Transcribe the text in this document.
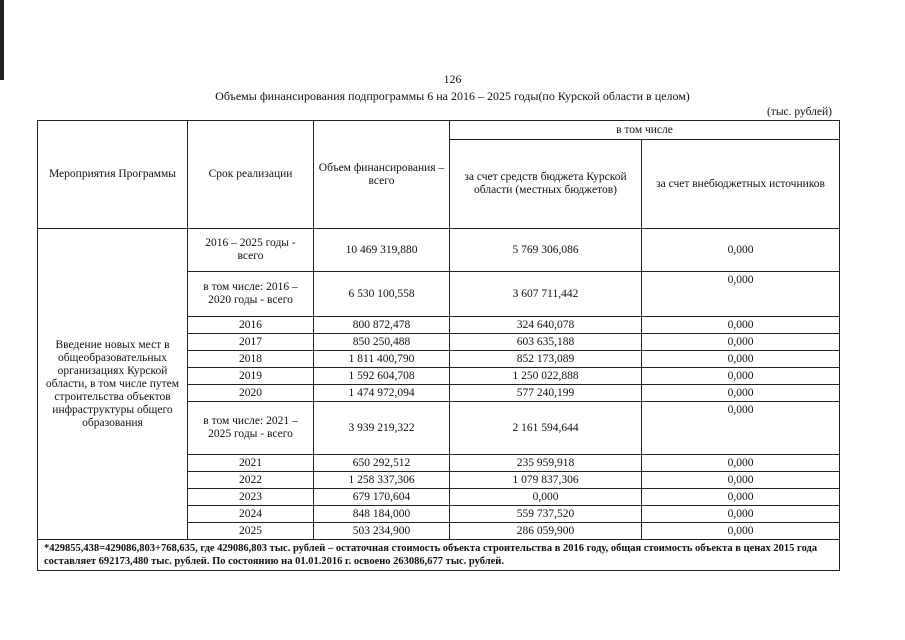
126
Объемы финансирования подпрограммы 6 на 2016 – 2025 годы(по Курской области в целом)
(тыс. рублей)
Мероприятия Программы	Срок реализации	Объем финансирования – всего	в том числе	
			за счет средств бюджета Курской области (местных бюджетов)	за счет внебюджетных источников
Введение новых мест в общеобразовательных организациях Курской области, в том числе путем строительства объектов инфраструктуры общего образования	2016 – 2025 годы - всего	10 469 319,880	5 769 306,086	0,000
	в том числе: 2016 – 2020 годы - всего	6 530 100,558	3 607 711,442	0,000
	2016	800 872,478	324 640,078	0,000
	2017	850 250,488	603 635,188	0,000
	2018	1 811 400,790	852 173,089	0,000
	2019	1 592 604,708	1 250 022,888	0,000
	2020	1 474 972,094	577 240,199	0,000
	в том числе: 2021 – 2025 годы - всего	3 939 219,322	2 161 594,644	0,000
	2021	650 292,512	235 959,918	0,000
	2022	1 258 337,306	1 079 837,306	0,000
	2023	679 170,604	0,000	0,000
	2024	848 184,000	559 737,520	0,000
	2025	503 234,900	286 059,900	0,000
*429855,438=429086,803+768,635, где 429086,803 тыс. рублей – остаточная стоимость объекта строительства в 2016 году, общая стоимость объекта в ценах 2015 года составляет 692173,480 тыс. рублей. По состоянию на 01.01.2016 г. освоено 263086,677 тыс. рублей.				
